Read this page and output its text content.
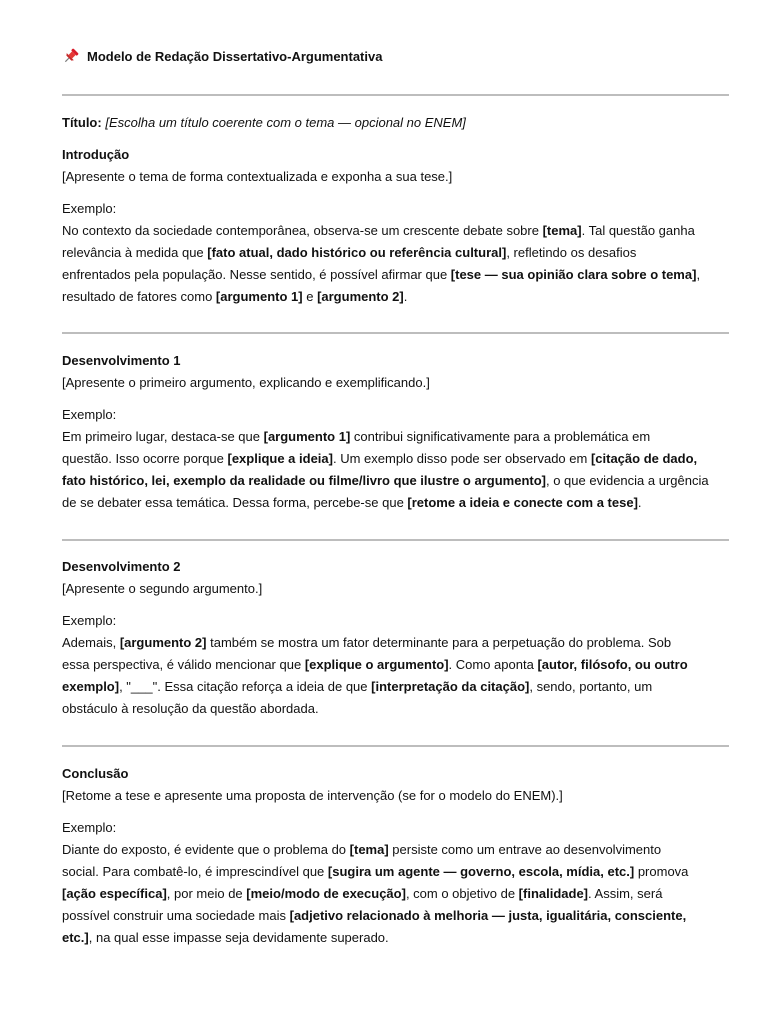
Modelo de Redação Dissertativo-Argumentativa
Título: [Escolha um título coerente com o tema — opcional no ENEM]
Introdução
[Apresente o tema de forma contextualizada e exponha a sua tese.]
Exemplo:
No contexto da sociedade contemporânea, observa-se um crescente debate sobre [tema]. Tal questão ganha
relevância à medida que [fato atual, dado histórico ou referência cultural], refletindo os desafios
enfrentados pela população. Nesse sentido, é possível afirmar que [tese — sua opinião clara sobre o tema],
resultado de fatores como [argumento 1] e [argumento 2].
Desenvolvimento 1
[Apresente o primeiro argumento, explicando e exemplificando.]
Exemplo:
Em primeiro lugar, destaca-se que [argumento 1] contribui significativamente para a problemática em
questão. Isso ocorre porque [explique a ideia]. Um exemplo disso pode ser observado em [citação de dado,
fato histórico, lei, exemplo da realidade ou filme/livro que ilustre o argumento], o que evidencia a urgência
de se debater essa temática. Dessa forma, percebe-se que [retome a ideia e conecte com a tese].
Desenvolvimento 2
[Apresente o segundo argumento.]
Exemplo:
Ademais, [argumento 2] também se mostra um fator determinante para a perpetuação do problema. Sob
essa perspectiva, é válido mencionar que [explique o argumento]. Como aponta [autor, filósofo, ou outro
exemplo], "___". Essa citação reforça a ideia de que [interpretação da citação], sendo, portanto, um
obstáculo à resolução da questão abordada.
Conclusão
[Retome a tese e apresente uma proposta de intervenção (se for o modelo do ENEM).]
Exemplo:
Diante do exposto, é evidente que o problema do [tema] persiste como um entrave ao desenvolvimento
social. Para combatê-lo, é imprescindível que [sugira um agente — governo, escola, mídia, etc.] promova
[ação específica], por meio de [meio/modo de execução], com o objetivo de [finalidade]. Assim, será
possível construir uma sociedade mais [adjetivo relacionado à melhoria — justa, igualitária, consciente,
etc.], na qual esse impasse seja devidamente superado.
